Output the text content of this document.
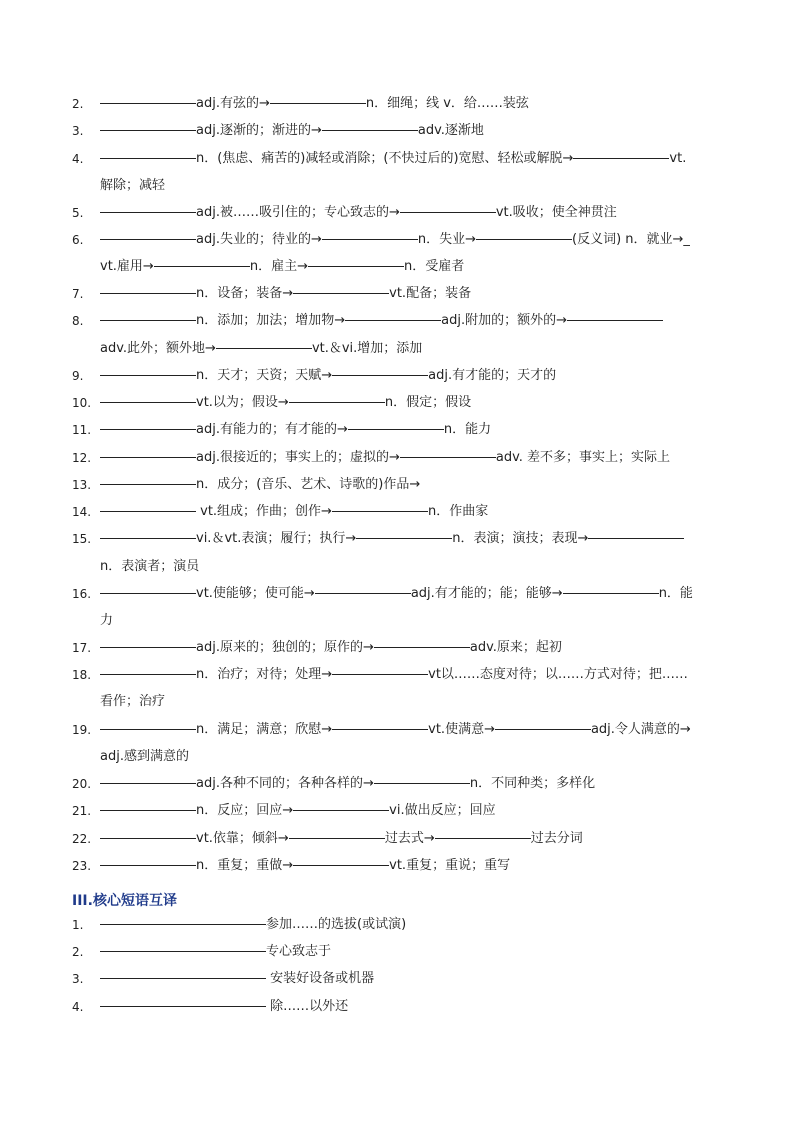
2.	adj.有弦的→	n．细绳；线 v．给……装弦
3.	adj.逐渐的；渐进的→	adv.逐渐地
4.	n．(焦虑、痛苦的)减轻或消除；(不快过后的)宽慰、轻松或解脱→	vt.
解除；减轻
5.	adj.被……吸引住的；专心致志的→	vt.吸收；使全神贯注
6.	adj.失业的；待业的→	n．失业→	(反义词) n．就业→_
vt.雇用→	n．雇主→	n．受雇者
7.	n．设备；装备→	vt.配备；装备
8.	n．添加；加法；增加物→	adj.附加的；额外的→
adv.此外；额外地→	vt.＆vi.增加；添加
9.	n．天才；天资；天赋→	adj.有才能的；天才的
10.	vt.以为；假设→	n．假定；假设
11.	adj.有能力的；有才能的→	n．能力
12.	adj.很接近的；事实上的；虚拟的→	adv. 差不多；事实上；实际上
13.	n．成分；(音乐、艺术、诗歌的)作品→
14.	vt.组成；作曲；创作→	n．作曲家
15.	vi.＆vt.表演；履行；执行→	n．表演；演技；表现→
n．表演者；演员
16.	vt.使能够；使可能→	adj.有才能的；能；能够→	n．能
力
17.	adj.原来的；独创的；原作的→	adv.原来；起初
18.	n．治疗；对待；处理→	vt以……态度对待；以……方式对待；把……
看作；治疗
19.	n．满足；满意；欣慰→	vt.使满意→	adj.令人满意的→
adj.感到满意的
20.	adj.各种不同的；各种各样的→	n．不同种类；多样化
21.	n．反应；回应→	vi.做出反应；回应
22.	vt.依靠；倾斜→	过去式→	过去分词
23.	n．重复；重做→	vt.重复；重说；重写
III.核心短语互译
1.	参加……的选拔(或试演)
2.	专心致志于
3.	安装好设备或机器
4.	除……以外还
